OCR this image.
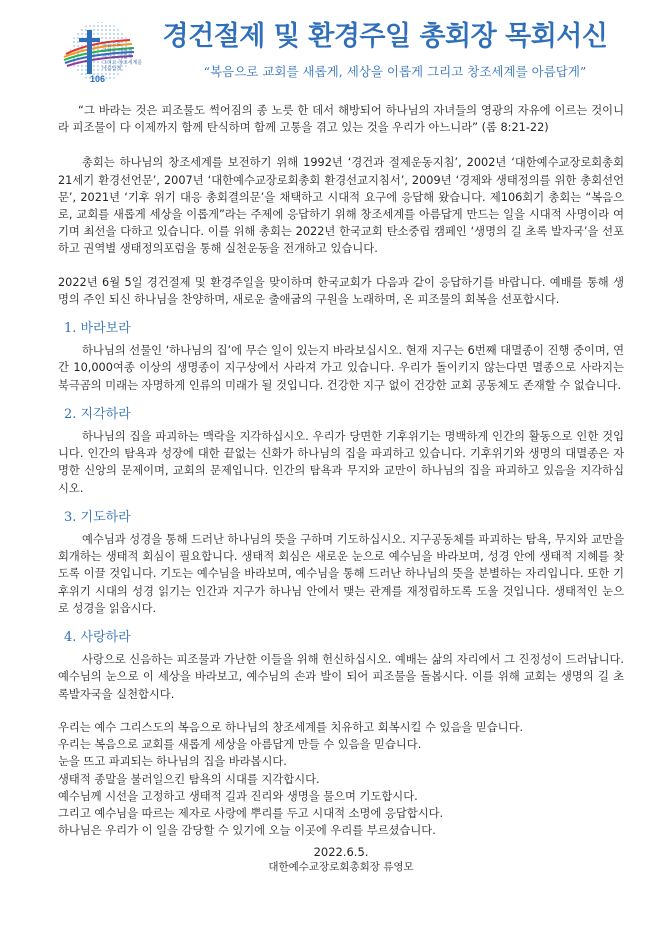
106
복음으로
교회를 새롭게
세상을 이롭게
그리고 창조세계를
아름답게
경건절제 및 환경주일 총회장 목회서신
“복음으로 교회를 새롭게, 세상을 이롭게 그리고 창조세계를 아름답게”

“그 바라는 것은 피조물도 썩어짐의 종 노릇 한 데서 해방되어 하나님의 자녀들의 영광의 자유에 이르는 것이니라 피조물이 다 이제까지 함께 탄식하며 함께 고통을 겪고 있는 것을 우리가 아느니라” (롬 8:21-22)

총회는 하나님의 창조세계를 보전하기 위해 1992년 ‘경건과 절제운동지침’, 2002년 ‘대한예수교장로회총회 21세기 환경선언문’, 2007년 ‘대한예수교장로회총회 환경선교지침서’, 2009년 ‘경제와 생태정의를 위한 총회선언문’, 2021년 ‘기후 위기 대응 총회결의문’을 채택하고 시대적 요구에 응답해 왔습니다. 제106회기 총회는 “복음으로, 교회를 새롭게 세상을 이롭게”라는 주제에 응답하기 위해 창조세계를 아름답게 만드는 일을 시대적 사명이라 여기며 최선을 다하고 있습니다. 이를 위해 총회는 2022년 한국교회 탄소중립 캠페인 ‘생명의 길 초록 발자국’을 선포하고 권역별 생태정의포럼을 통해 실천운동을 전개하고 있습니다.

2022년 6월 5일 경건절제 및 환경주일을 맞이하며 한국교회가 다음과 같이 응답하기를 바랍니다. 예배를 통해 생명의 주인 되신 하나님을 찬양하며, 새로운 출애굽의 구원을 노래하며, 온 피조물의 회복을 선포합시다.

1. 바라보라

하나님의 선물인 ‘하나님의 집’에 무슨 일이 있는지 바라보십시오. 현재 지구는 6번째 대멸종이 진행 중이며, 연간 10,000여종 이상의 생명종이 지구상에서 사라져 가고 있습니다. 우리가 돌이키지 않는다면 멸종으로 사라지는 북극곰의 미래는 자명하게 인류의 미래가 될 것입니다. 건강한 지구 없이 건강한 교회 공동체도 존재할 수 없습니다.

2. 지각하라

하나님의 집을 파괴하는 맥락을 지각하십시오. 우리가 당면한 기후위기는 명백하게 인간의 활동으로 인한 것입니다. 인간의 탐욕과 성장에 대한 끝없는 신화가 하나님의 집을 파괴하고 있습니다. 기후위기와 생명의 대멸종은 자명한 신앙의 문제이며, 교회의 문제입니다. 인간의 탐욕과 무지와 교만이 하나님의 집을 파괴하고 있음을 지각하십시오.

3. 기도하라

예수님과 성경을 통해 드러난 하나님의 뜻을 구하며 기도하십시오. 지구공동체를 파괴하는 탐욕, 무지와 교만을 회개하는 생태적 회심이 필요합니다. 생태적 회심은 새로운 눈으로 예수님을 바라보며, 성경 안에 생태적 지혜를 찾도록 이끌 것입니다. 기도는 예수님을 바라보며, 예수님을 통해 드러난 하나님의 뜻을 분별하는 자리입니다. 또한 기후위기 시대의 성경 읽기는 인간과 지구가 하나님 안에서 맺는 관계를 재정립하도록 도울 것입니다. 생태적인 눈으로 성경을 읽읍시다.

4. 사랑하라

사랑으로 신음하는 피조물과 가난한 이들을 위해 헌신하십시오. 예배는 삶의 자리에서 그 진정성이 드러납니다. 예수님의 눈으로 이 세상을 바라보고, 예수님의 손과 발이 되어 피조물을 돌봅시다. 이를 위해 교회는 생명의 길 초록발자국을 실천합시다.

우리는 예수 그리스도의 복음으로 하나님의 창조세계를 치유하고 회복시킬 수 있음을 믿습니다.

우리는 복음으로 교회를 새롭게 세상을 아름답게 만들 수 있음을 믿습니다.

눈을 뜨고 파괴되는 하나님의 집을 바라봅시다.

생태적 종말을 불러일으킨 탐욕의 시대를 지각합시다.

예수님께 시선을 고정하고 생태적 길과 진리와 생명을 물으며 기도합시다.

그리고 예수님을 따르는 제자로 사랑에 뿌리를 두고 시대적 소명에 응답합시다.

하나님은 우리가 이 일을 감당할 수 있기에 오늘 이곳에 우리를 부르셨습니다.

2022.6.5.
대한예수교장로회총회장 류영모
